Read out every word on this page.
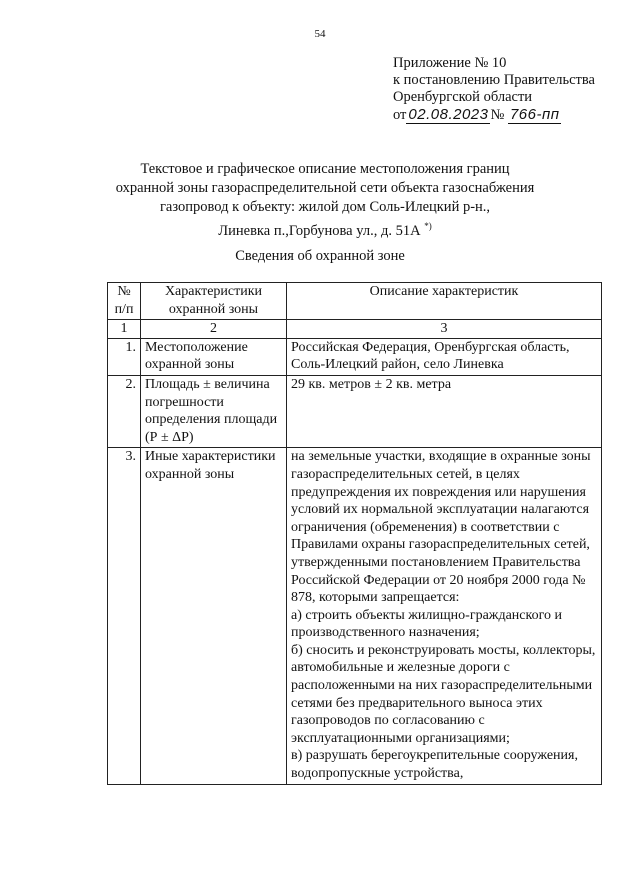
54
Приложение № 10
к постановлению Правительства
Оренбургской области
от 02.08.2023 № 766-пп
Текстовое и графическое описание местоположения границ
охранной зоны газораспределительной сети объекта газоснабжения
газопровод к объекту: жилой дом Соль-Илецкий р-н.,
Линевка п.,Горбунова ул., д. 51А *)
Сведения об охранной зоне
№ п/п	Характеристики охранной зоны	Описание характеристик
1	2	3
1.	Местоположение охранной зоны	Российская Федерация, Оренбургская область, Соль-Илецкий район, село Линевка
2.	Площадь ± величина погрешности определения площади (Р ± ΔР)	29 кв. метров ± 2 кв. метра
3.	Иные характеристики охранной зоны	на земельные участки, входящие в охранные зоны газораспределительных сетей, в целях предупреждения их повреждения или нарушения условий их нормальной эксплуатации налагаются ограничения (обременения) в соответствии с Правилами охраны газораспределительных сетей, утвержденными постановлением Правительства Российской Федерации от 20 ноября 2000 года № 878, которыми запрещается:
а) строить объекты жилищно-гражданского и производственного назначения;
б) сносить и реконструировать мосты, коллекторы, автомобильные и железные дороги с расположенными на них газораспределительными сетями без предварительного выноса этих газопроводов по согласованию с эксплуатационными организациями;
в) разрушать берегоукрепительные сооружения, водопропускные устройства,
